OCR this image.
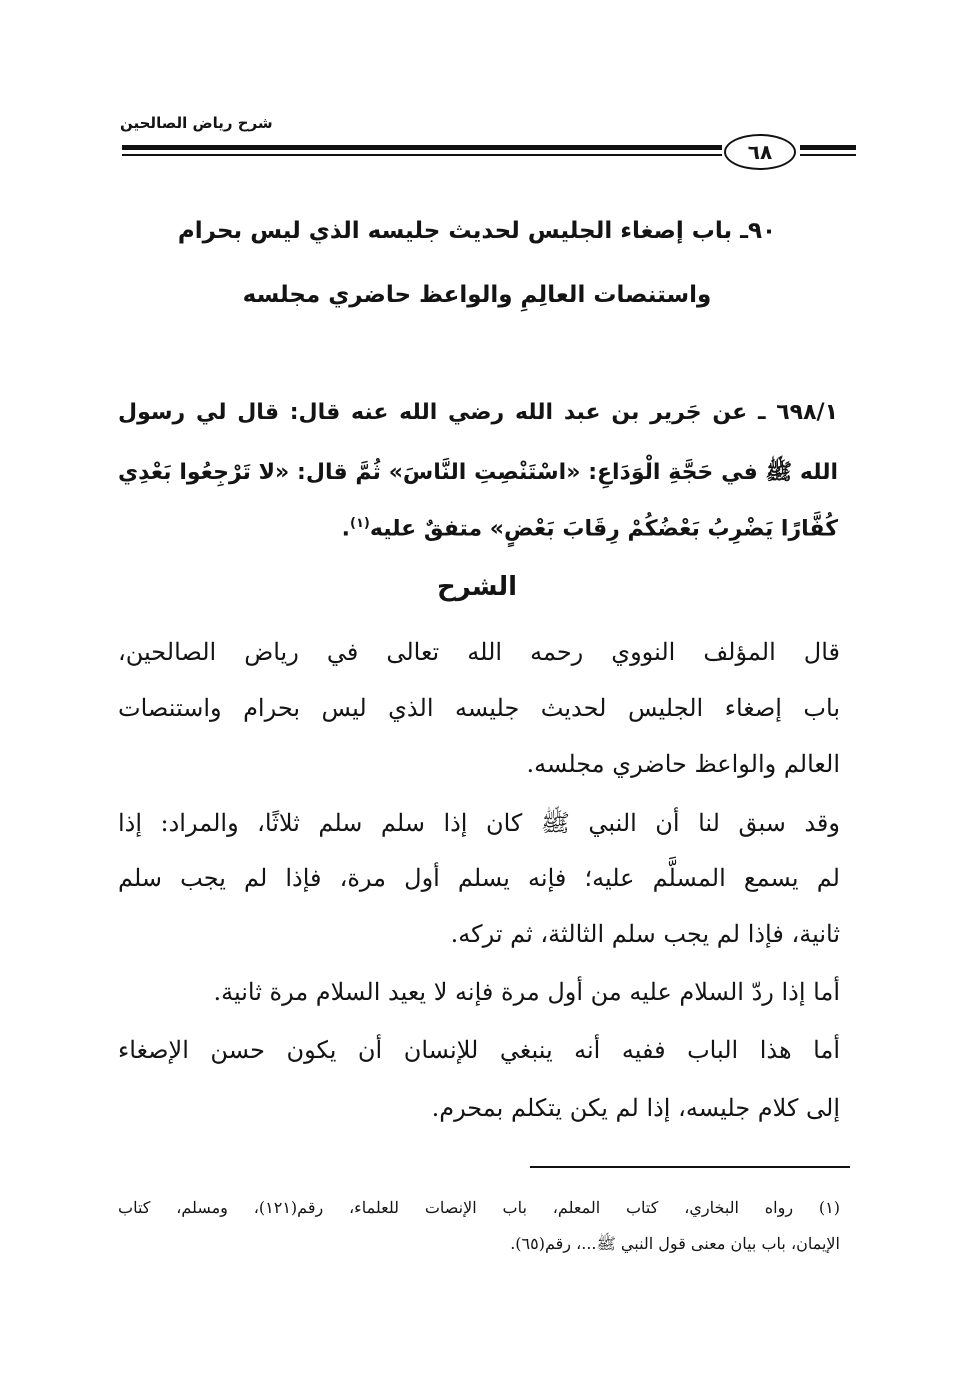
شرح رياض الصالحين
٦٨
٩٠ـ باب إصغاء الجليس لحديث جليسه الذي ليس بحرام
واستنصات العالِمِ والواعظ حاضري مجلسه
٦٩٨/١ ـ عن جَرير بن عبد الله رضي الله عنه قال: قال لي رسول
الله ﷺ في حَجَّةِ الْوَدَاعِ: «اسْتَنْصِتِ النَّاسَ» ثُمَّ قال: «لا تَرْجِعُوا بَعْدِي
كُفَّارًا يَضْرِبُ بَعْضُكُمْ رِقَابَ بَعْضٍ» متفقٌ عليه$^{(١)}$.
الشرح
قال المؤلف النووي رحمه الله تعالى في رياض الصالحين،
باب إصغاء الجليس لحديث جليسه الذي ليس بحرام واستنصات
العالم والواعظ حاضري مجلسه.
وقد سبق لنا أن النبي ﷺ كان إذا سلم سلم ثلاثًا، والمراد: إذا
لم يسمع المسلَّم عليه؛ فإنه يسلم أول مرة، فإذا لم يجب سلم
ثانية، فإذا لم يجب سلم الثالثة، ثم تركه.
أما إذا ردّ السلام عليه من أول مرة فإنه لا يعيد السلام مرة ثانية.
أما هذا الباب ففيه أنه ينبغي للإنسان أن يكون حسن الإصغاء
إلى كلام جليسه، إذا لم يكن يتكلم بمحرم.
(١) رواه البخاري، كتاب المعلم، باب الإنصات للعلماء، رقم(١٢١)، ومسلم، كتاب
الإيمان، باب بيان معنى قول النبي ﷺ...، رقم(٦٥).
